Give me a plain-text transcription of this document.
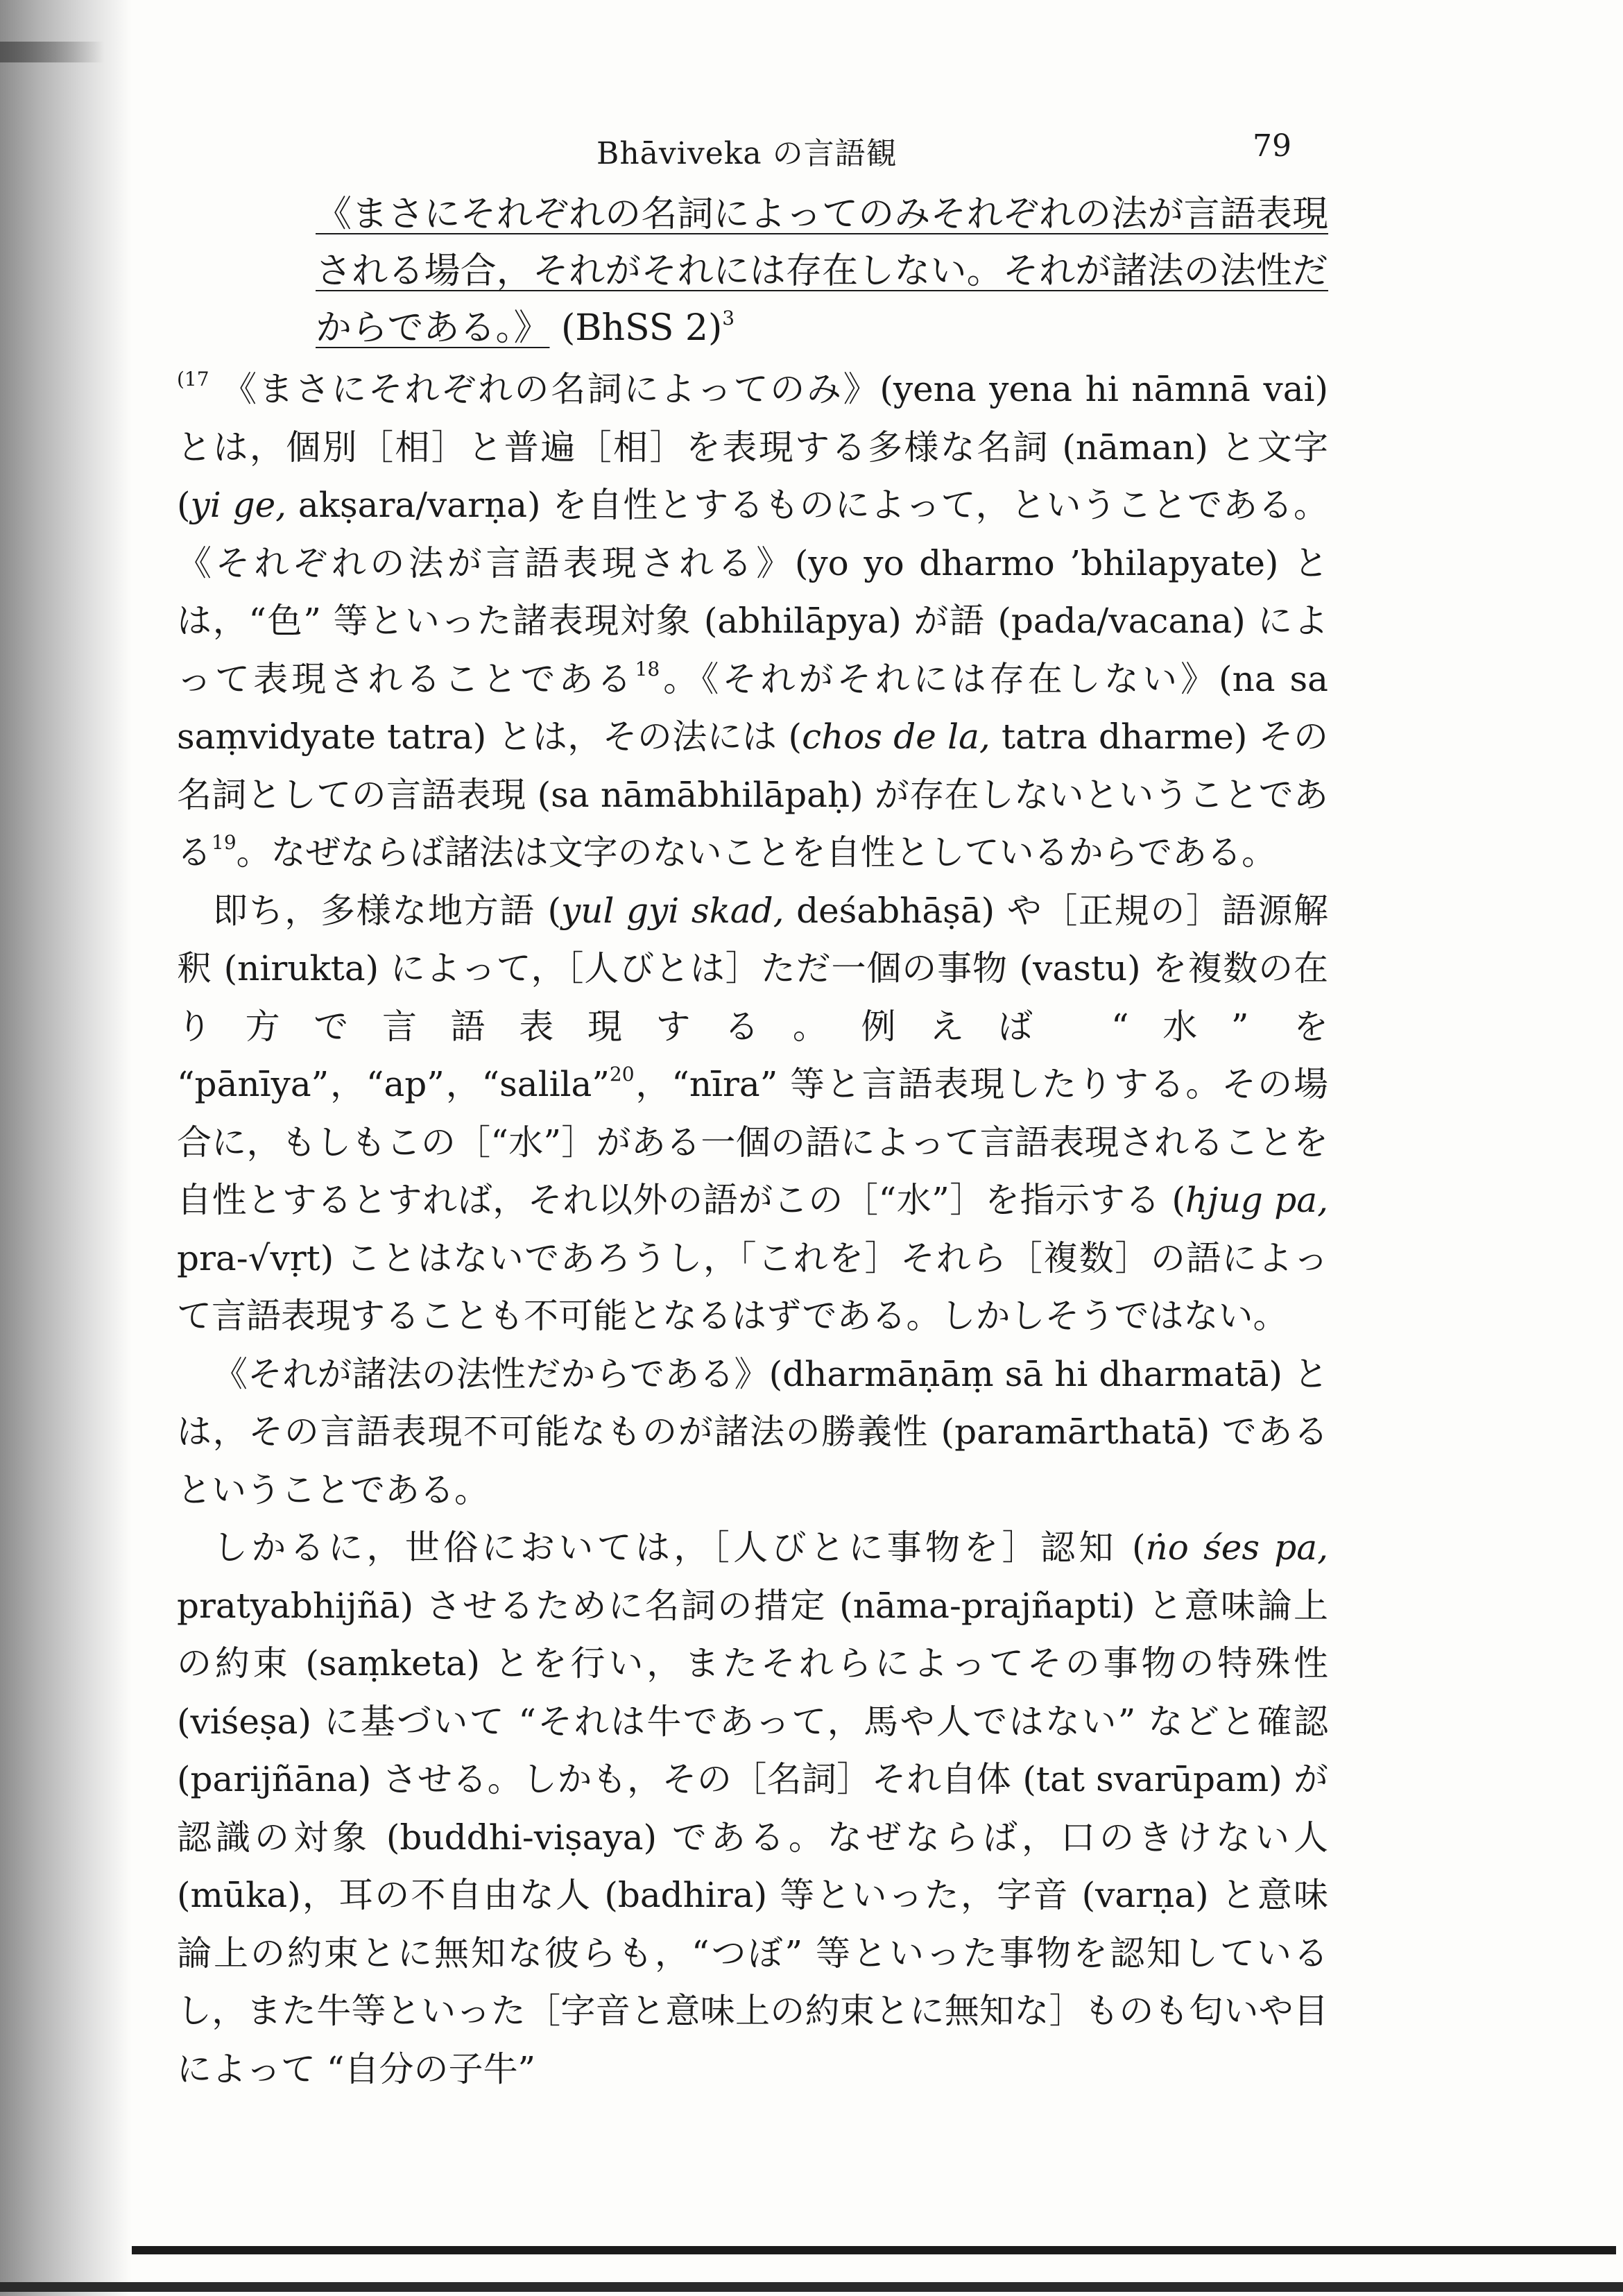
Bhāviveka の言語観	79
《まさにそれぞれの名詞によってのみそれぞれの法が言語表現される場合，それがそれには存在しない。それが諸法の法性だからである。》 (BhSS 2)$^3$

$^{(17}$ 《まさにそれぞれの名詞によってのみ》(yena yena hi nāmnā vai) とは，個別［相］と普遍［相］を表現する多様な名詞 (nāman) と文字 (yi ge, akṣara/varṇa) を自性とするものによって，ということである。《それぞれの法が言語表現される》(yo yo dharmo ’bhilapyate) とは，“色” 等といった諸表現対象 (abhilāpya) が語 (pada/vacana) によって表現されることである$^{18}$。《それがそれには存在しない》(na sa saṃvidyate tatra) とは，その法には (chos de la, tatra dharme) その名詞としての言語表現 (sa nāmābhilāpaḥ) が存在しないということである$^{19}$。なぜならば諸法は文字のないことを自性としているからである。

即ち，多様な地方語 (yul gyi skad, deśabhāṣā) や［正規の］語源解釈 (nirukta) によって，［人びとは］ただ一個の事物 (vastu) を複数の在り方で言語表現する。例えば “水” を “pānīya”，“ap”，“salila”$^{20}$，“nīra” 等と言語表現したりする。その場合に，もしもこの［“水”］がある一個の語によって言語表現されることを自性とするとすれば，それ以外の語がこの［“水”］を指示する (hjug pa, pra-√vṛt) ことはないであろうし，「これを］それら［複数］の語によって言語表現することも不可能となるはずである。しかしそうではない。

《それが諸法の法性だからである》(dharmāṇāṃ sā hi dharmatā) とは，その言語表現不可能なものが諸法の勝義性 (paramārthatā) であるということである。

しかるに，世俗においては，［人びとに事物を］認知 (ṅo śes pa, pratyabhijñā) させるために名詞の措定 (nāma-prajñapti) と意味論上の約束 (saṃketa) とを行い，またそれらによってその事物の特殊性 (viśeṣa) に基づいて “それは牛であって，馬や人ではない” などと確認 (parijñāna) させる。しかも，その［名詞］それ自体 (tat svarūpam) が認識の対象 (buddhi-viṣaya) である。なぜならば，口のきけない人 (mūka)，耳の不自由な人 (badhira) 等といった，字音 (varṇa) と意味論上の約束とに無知な彼らも，“つぼ” 等といった事物を認知しているし，また牛等といった［字音と意味上の約束とに無知な］ものも匂いや目によって “自分の子牛”
